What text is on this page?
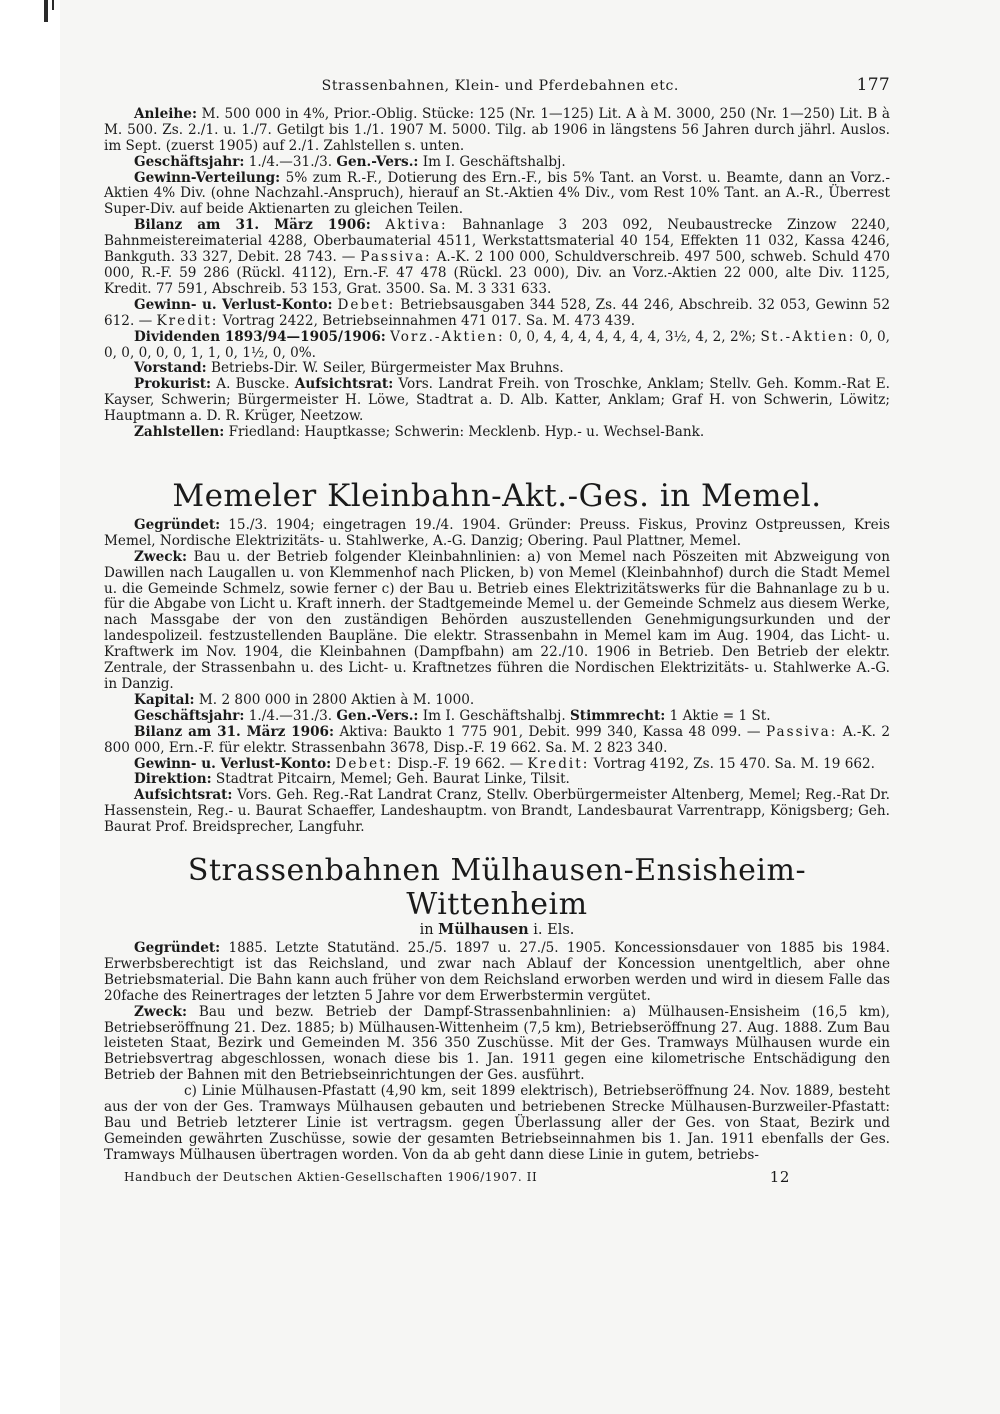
Strassenbahnen, Klein- und Pferdebahnen etc.	177

Anleihe: M. 500 000 in 4%, Prior.-Oblig. Stücke: 125 (Nr. 1—125) Lit. A à M. 3000, 250 (Nr. 1—250) Lit. B à M. 500. Zs. 2./1. u. 1./7. Getilgt bis 1./1. 1907 M. 5000. Tilg. ab 1906 in längstens 56 Jahren durch jährl. Auslos. im Sept. (zuerst 1905) auf 2./1. Zahlstellen s. unten.

Geschäftsjahr: 1./4.—31./3. Gen.-Vers.: Im I. Geschäftshalbj.

Gewinn-Verteilung: 5% zum R.-F., Dotierung des Ern.-F., bis 5% Tant. an Vorst. u. Beamte, dann an Vorz.-Aktien 4% Div. (ohne Nachzahl.-Anspruch), hierauf an St.-Aktien 4% Div., vom Rest 10% Tant. an A.-R., Überrest Super-Div. auf beide Aktienarten zu gleichen Teilen.

Bilanz am 31. März 1906: Aktiva: Bahnanlage 3 203 092, Neubaustrecke Zinzow 2240, Bahnmeistereimaterial 4288, Oberbaumaterial 4511, Werkstattsmaterial 40 154, Effekten 11 032, Kassa 4246, Bankguth. 33 327, Debit. 28 743. — Passiva: A.-K. 2 100 000, Schuldverschreib. 497 500, schweb. Schuld 470 000, R.-F. 59 286 (Rückl. 4112), Ern.-F. 47 478 (Rückl. 23 000), Div. an Vorz.-Aktien 22 000, alte Div. 1125, Kredit. 77 591, Abschreib. 53 153, Grat. 3500. Sa. M. 3 331 633.

Gewinn- u. Verlust-Konto: Debet: Betriebsausgaben 344 528, Zs. 44 246, Abschreib. 32 053, Gewinn 52 612. — Kredit: Vortrag 2422, Betriebseinnahmen 471 017. Sa. M. 473 439.

Dividenden 1893/94—1905/1906: Vorz.-Aktien: 0, 0, 4, 4, 4, 4, 4, 4, 4, 3½, 4, 2, 2%; St.-Aktien: 0, 0, 0, 0, 0, 0, 0, 1, 1, 0, 1½, 0, 0%.

Vorstand: Betriebs-Dir. W. Seiler, Bürgermeister Max Bruhns.

Prokurist: A. Buscke. Aufsichtsrat: Vors. Landrat Freih. von Troschke, Anklam; Stellv. Geh. Komm.-Rat E. Kayser, Schwerin; Bürgermeister H. Löwe, Stadtrat a. D. Alb. Katter, Anklam; Graf H. von Schwerin, Löwitz; Hauptmann a. D. R. Krüger, Neetzow.

Zahlstellen: Friedland: Hauptkasse; Schwerin: Mecklenb. Hyp.- u. Wechsel-Bank.

Memeler Kleinbahn-Akt.-Ges. in Memel.

Gegründet: 15./3. 1904; eingetragen 19./4. 1904. Gründer: Preuss. Fiskus, Provinz Ostpreussen, Kreis Memel, Nordische Elektrizitäts- u. Stahlwerke, A.-G. Danzig; Obering. Paul Plattner, Memel.

Zweck: Bau u. der Betrieb folgender Kleinbahnlinien: a) von Memel nach Pöszeiten mit Abzweigung von Dawillen nach Laugallen u. von Klemmenhof nach Plicken, b) von Memel (Kleinbahnhof) durch die Stadt Memel u. die Gemeinde Schmelz, sowie ferner c) der Bau u. Betrieb eines Elektrizitätswerks für die Bahnanlage zu b u. für die Abgabe von Licht u. Kraft innerh. der Stadtgemeinde Memel u. der Gemeinde Schmelz aus diesem Werke, nach Massgabe der von den zuständigen Behörden auszustellenden Genehmigungsurkunden und der landespolizeil. festzustellenden Baupläne. Die elektr. Strassenbahn in Memel kam im Aug. 1904, das Licht- u. Kraftwerk im Nov. 1904, die Kleinbahnen (Dampfbahn) am 22./10. 1906 in Betrieb. Den Betrieb der elektr. Zentrale, der Strassenbahn u. des Licht- u. Kraftnetzes führen die Nordischen Elektrizitäts- u. Stahlwerke A.-G. in Danzig.

Kapital: M. 2 800 000 in 2800 Aktien à M. 1000.

Geschäftsjahr: 1./4.—31./3. Gen.-Vers.: Im I. Geschäftshalbj. Stimmrecht: 1 Aktie = 1 St.

Bilanz am 31. März 1906: Aktiva: Baukto 1 775 901, Debit. 999 340, Kassa 48 099. — Passiva: A.-K. 2 800 000, Ern.-F. für elektr. Strassenbahn 3678, Disp.-F. 19 662. Sa. M. 2 823 340.

Gewinn- u. Verlust-Konto: Debet: Disp.-F. 19 662. — Kredit: Vortrag 4192, Zs. 15 470. Sa. M. 19 662.

Direktion: Stadtrat Pitcairn, Memel; Geh. Baurat Linke, Tilsit.

Aufsichtsrat: Vors. Geh. Reg.-Rat Landrat Cranz, Stellv. Oberbürgermeister Altenberg, Memel; Reg.-Rat Dr. Hassenstein, Reg.- u. Baurat Schaeffer, Landeshauptm. von Brandt, Landesbaurat Varrentrapp, Königsberg; Geh. Baurat Prof. Breidsprecher, Langfuhr.

Strassenbahnen Mülhausen-Ensisheim-Wittenheim
in Mülhausen i. Els.

Gegründet: 1885. Letzte Statutänd. 25./5. 1897 u. 27./5. 1905. Koncessionsdauer von 1885 bis 1984. Erwerbsberechtigt ist das Reichsland, und zwar nach Ablauf der Koncession unentgeltlich, aber ohne Betriebsmaterial. Die Bahn kann auch früher von dem Reichsland erworben werden und wird in diesem Falle das 20fache des Reinertrages der letzten 5 Jahre vor dem Erwerbstermin vergütet.

Zweck: Bau und bezw. Betrieb der Dampf-Strassenbahnlinien: a) Mülhausen-Ensisheim (16,5 km), Betriebseröffnung 21. Dez. 1885; b) Mülhausen-Wittenheim (7,5 km), Betriebseröffnung 27. Aug. 1888. Zum Bau leisteten Staat, Bezirk und Gemeinden M. 356 350 Zuschüsse. Mit der Ges. Tramways Mülhausen wurde ein Betriebsvertrag abgeschlossen, wonach diese bis 1. Jan. 1911 gegen eine kilometrische Entschädigung den Betrieb der Bahnen mit den Betriebseinrichtungen der Ges. ausführt.

c) Linie Mülhausen-Pfastatt (4,90 km, seit 1899 elektrisch), Betriebseröffnung 24. Nov. 1889, besteht aus der von der Ges. Tramways Mülhausen gebauten und betriebenen Strecke Mülhausen-Burzweiler-Pfastatt: Bau und Betrieb letzterer Linie ist vertragsm. gegen Überlassung aller der Ges. von Staat, Bezirk und Gemeinden gewährten Zuschüsse, sowie der gesamten Betriebseinnahmen bis 1. Jan. 1911 ebenfalls der Ges. Tramways Mülhausen übertragen worden. Von da ab geht dann diese Linie in gutem, betriebs-

Handbuch der Deutschen Aktien-Gesellschaften 1906/1907. II	12
